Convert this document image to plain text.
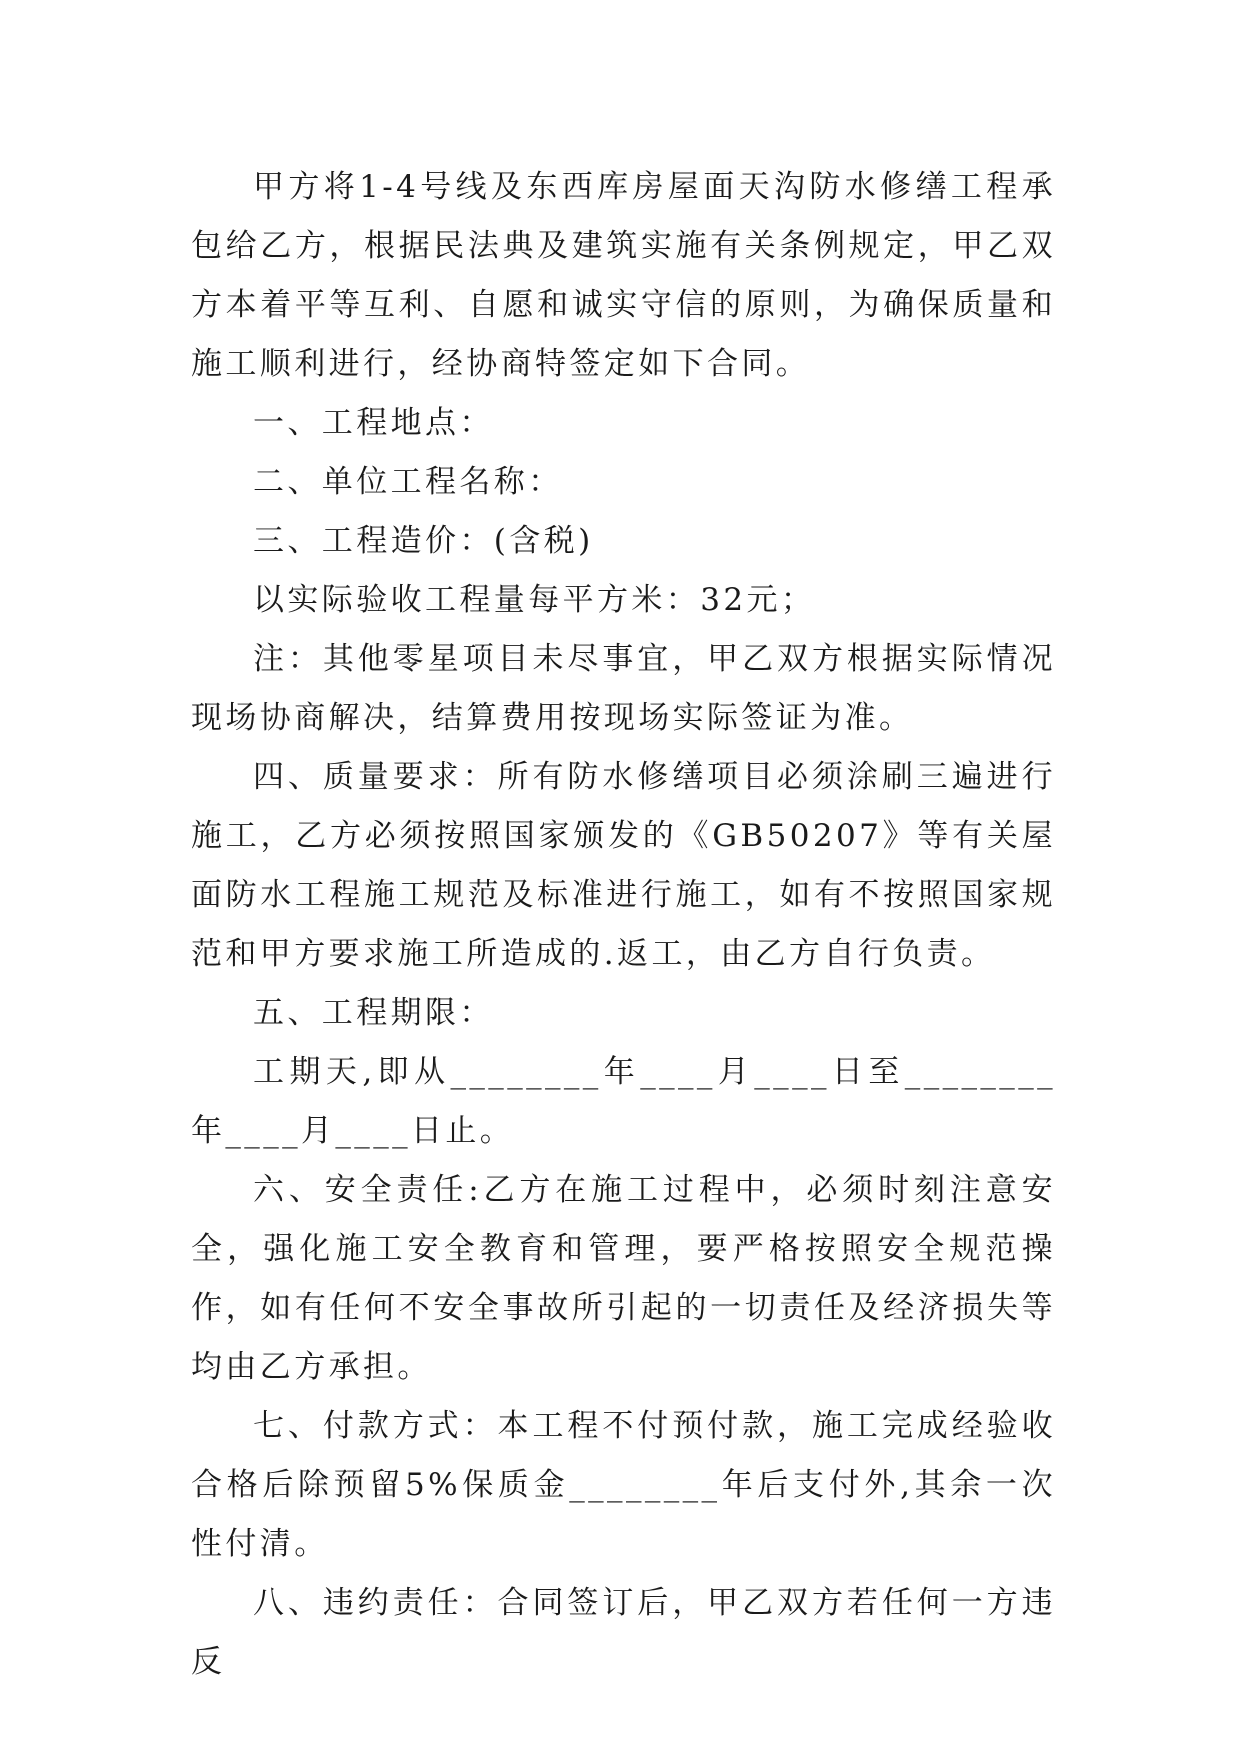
甲方将1-4号线及东西库房屋面天沟防水修缮工程承包给乙方，根据民法典及建筑实施有关条例规定，甲乙双方本着平等互利、自愿和诚实守信的原则，为确保质量和施工顺利进行，经协商特签定如下合同。

一、工程地点：

二、单位工程名称：

三、工程造价：(含税)

以实际验收工程量每平方米：32元；

注：其他零星项目未尽事宜，甲乙双方根据实际情况现场协商解决，结算费用按现场实际签证为准。

四、质量要求：所有防水修缮项目必须涂刷三遍进行施工，乙方必须按照国家颁发的《GB50207》等有关屋面防水工程施工规范及标准进行施工，如有不按照国家规范和甲方要求施工所造成的.返工，由乙方自行负责。

五、工程期限：

工期天,即从________年____月____日至________年____月____日止。

六、安全责任:乙方在施工过程中，必须时刻注意安全，强化施工安全教育和管理，要严格按照安全规范操作，如有任何不安全事故所引起的一切责任及经济损失等均由乙方承担。

七、付款方式：本工程不付预付款，施工完成经验收合格后除预留5%保质金________年后支付外,其余一次性付清。

八、违约责任：合同签订后，甲乙双方若任何一方违反
